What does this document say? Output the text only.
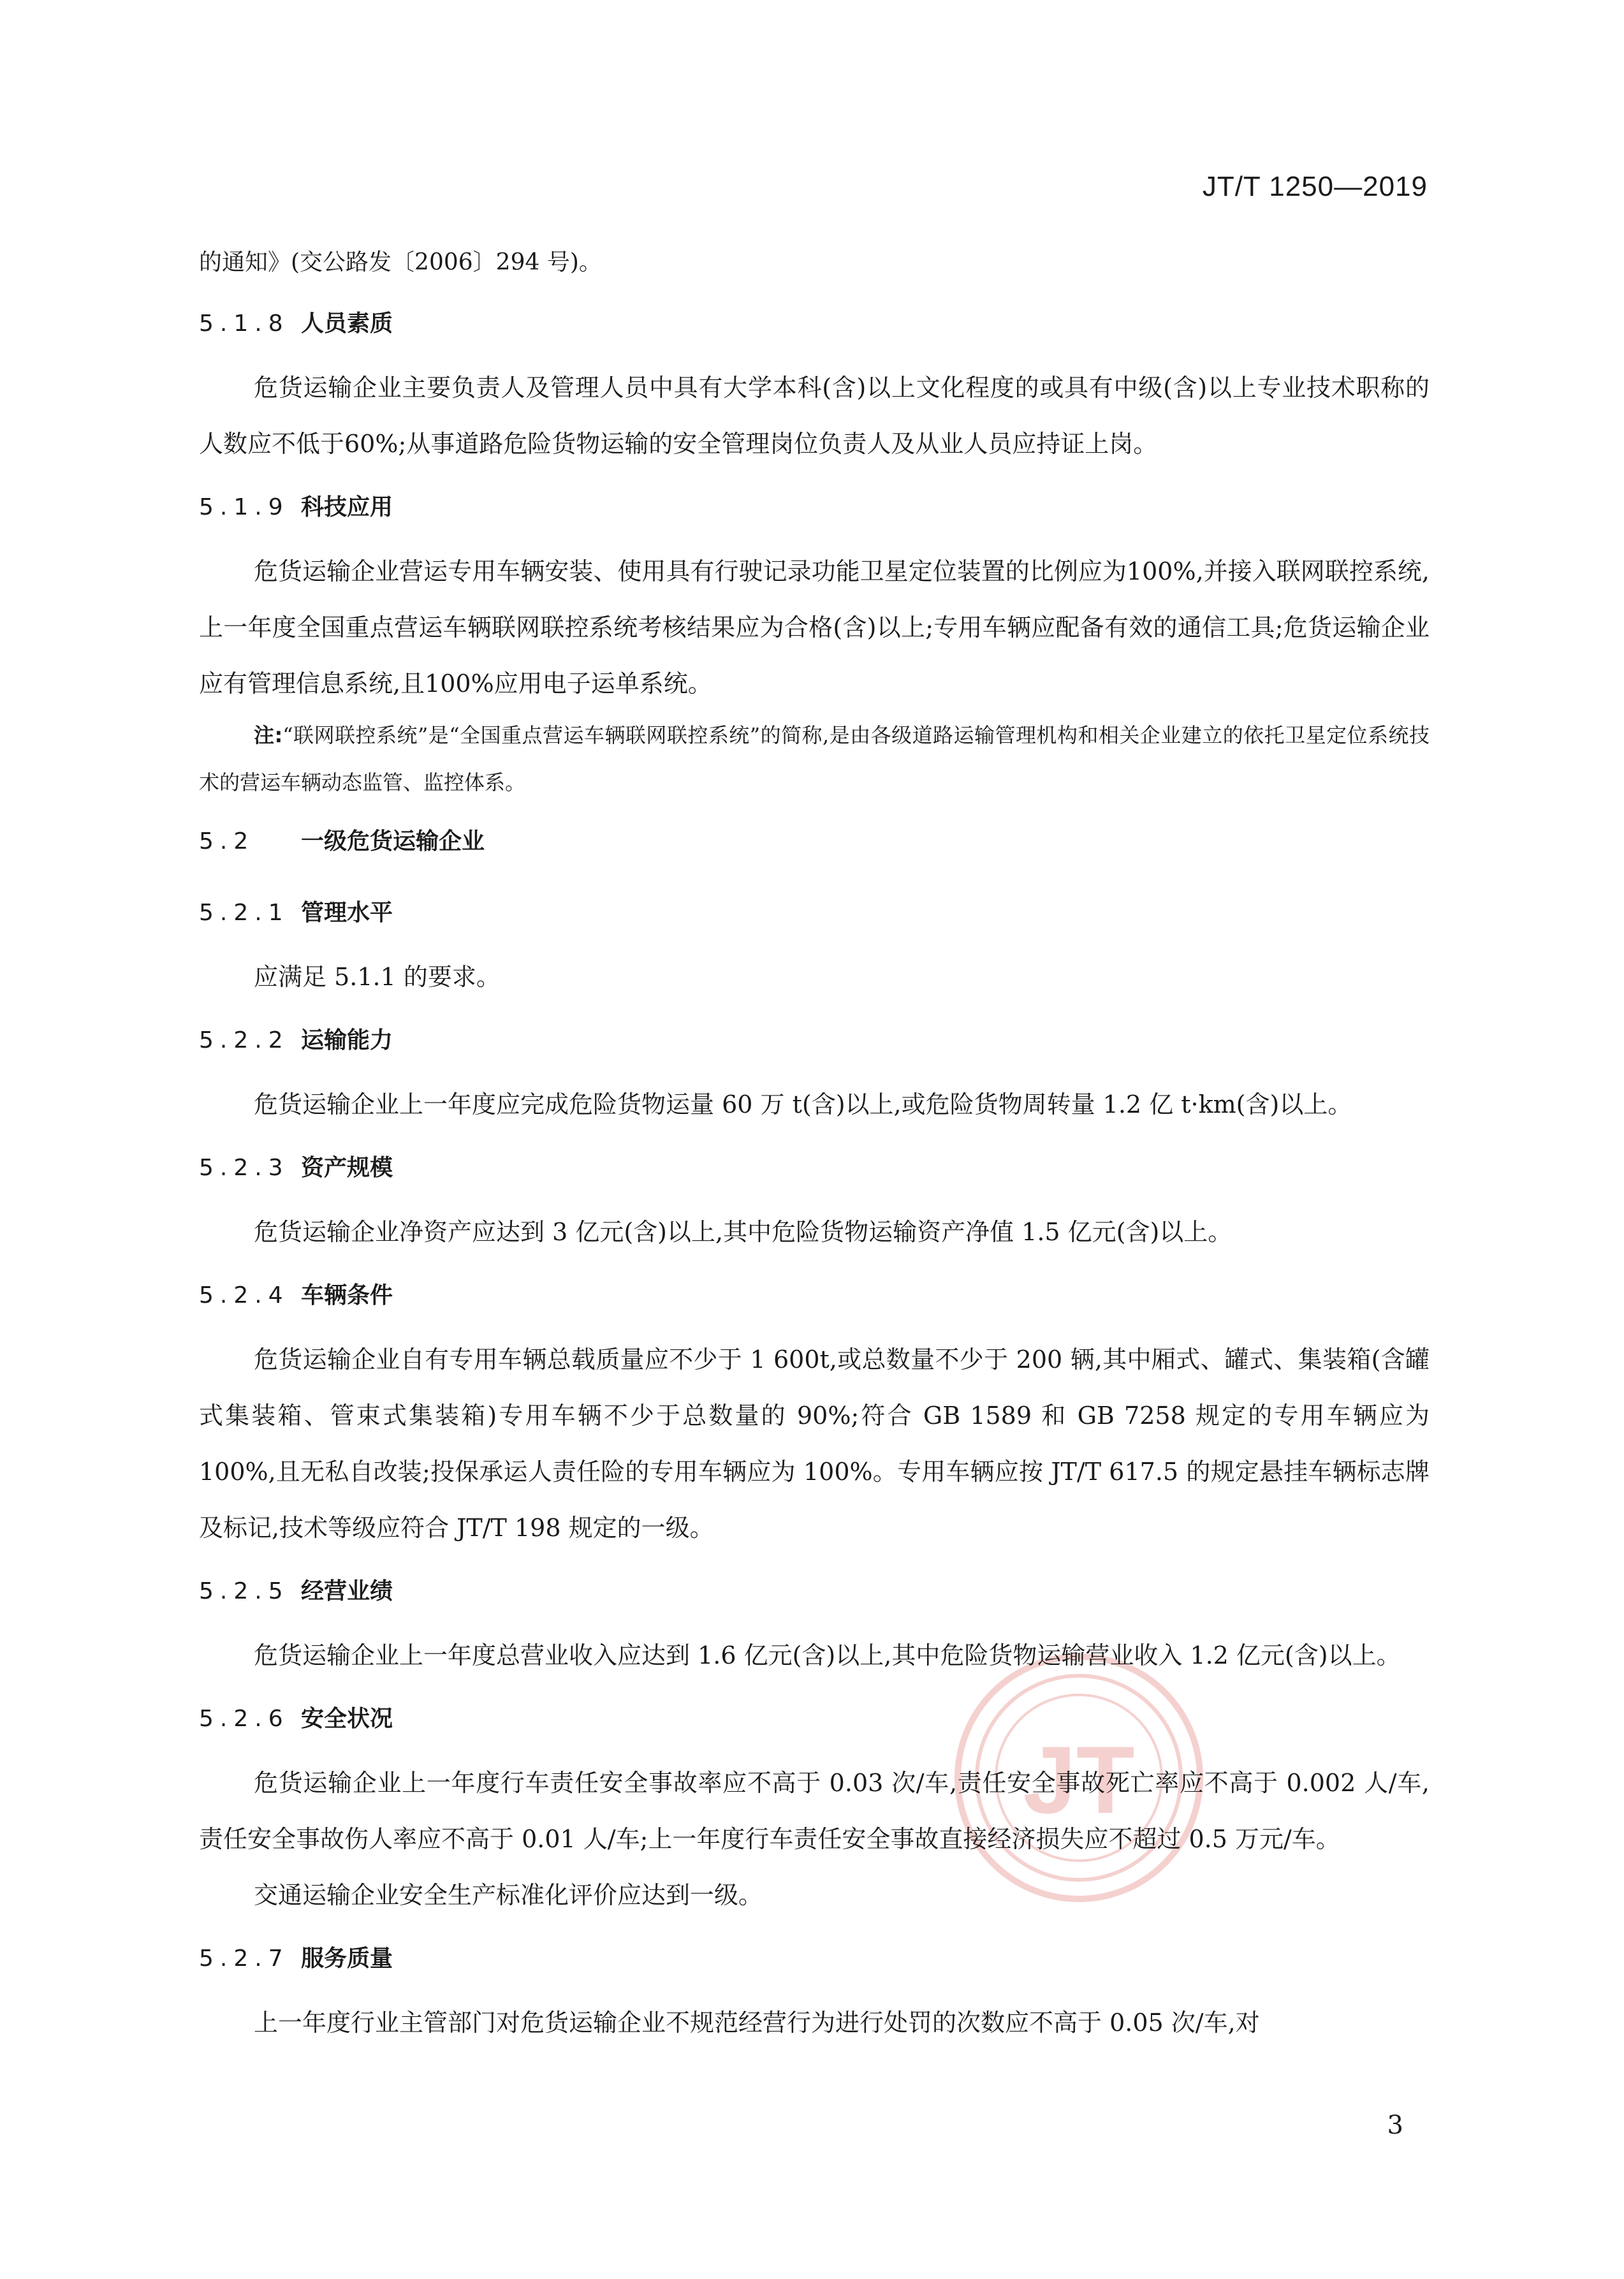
JT/T 1250—2019
JT

的通知》(交公路发〔2006〕294 号)。

5.1.8 人员素质

危货运输企业主要负责人及管理人员中具有大学本科(含)以上文化程度的或具有中级(含)以上专业技术职称的人数应不低于60%;从事道路危险货物运输的安全管理岗位负责人及从业人员应持证上岗。

5.1.9 科技应用

危货运输企业营运专用车辆安装、使用具有行驶记录功能卫星定位装置的比例应为100%,并接入联网联控系统,上一年度全国重点营运车辆联网联控系统考核结果应为合格(含)以上;专用车辆应配备有效的通信工具;危货运输企业应有管理信息系统,且100%应用电子运单系统。

注:“联网联控系统”是“全国重点营运车辆联网联控系统”的简称,是由各级道路运输管理机构和相关企业建立的依托卫星定位系统技术的营运车辆动态监管、监控体系。

5.2 一级危货运输企业
5.2.1 管理水平

应满足 5.1.1 的要求。

5.2.2 运输能力

危货运输企业上一年度应完成危险货物运量 60 万 t(含)以上,或危险货物周转量 1.2 亿 t·km(含)以上。

5.2.3 资产规模

危货运输企业净资产应达到 3 亿元(含)以上,其中危险货物运输资产净值 1.5 亿元(含)以上。

5.2.4 车辆条件

危货运输企业自有专用车辆总载质量应不少于 1 600t,或总数量不少于 200 辆,其中厢式、罐式、集装箱(含罐式集装箱、管束式集装箱)专用车辆不少于总数量的 90%;符合 GB 1589 和 GB 7258 规定的专用车辆应为 100%,且无私自改装;投保承运人责任险的专用车辆应为 100%。专用车辆应按 JT/T 617.5 的规定悬挂车辆标志牌及标记,技术等级应符合 JT/T 198 规定的一级。

5.2.5 经营业绩

危货运输企业上一年度总营业收入应达到 1.6 亿元(含)以上,其中危险货物运输营业收入 1.2 亿元(含)以上。

5.2.6 安全状况

危货运输企业上一年度行车责任安全事故率应不高于 0.03 次/车,责任安全事故死亡率应不高于 0.002 人/车,责任安全事故伤人率应不高于 0.01 人/车;上一年度行车责任安全事故直接经济损失应不超过 0.5 万元/车。

交通运输企业安全生产标准化评价应达到一级。

5.2.7 服务质量

上一年度行业主管部门对危货运输企业不规范经营行为进行处罚的次数应不高于 0.05 次/车,对

3
